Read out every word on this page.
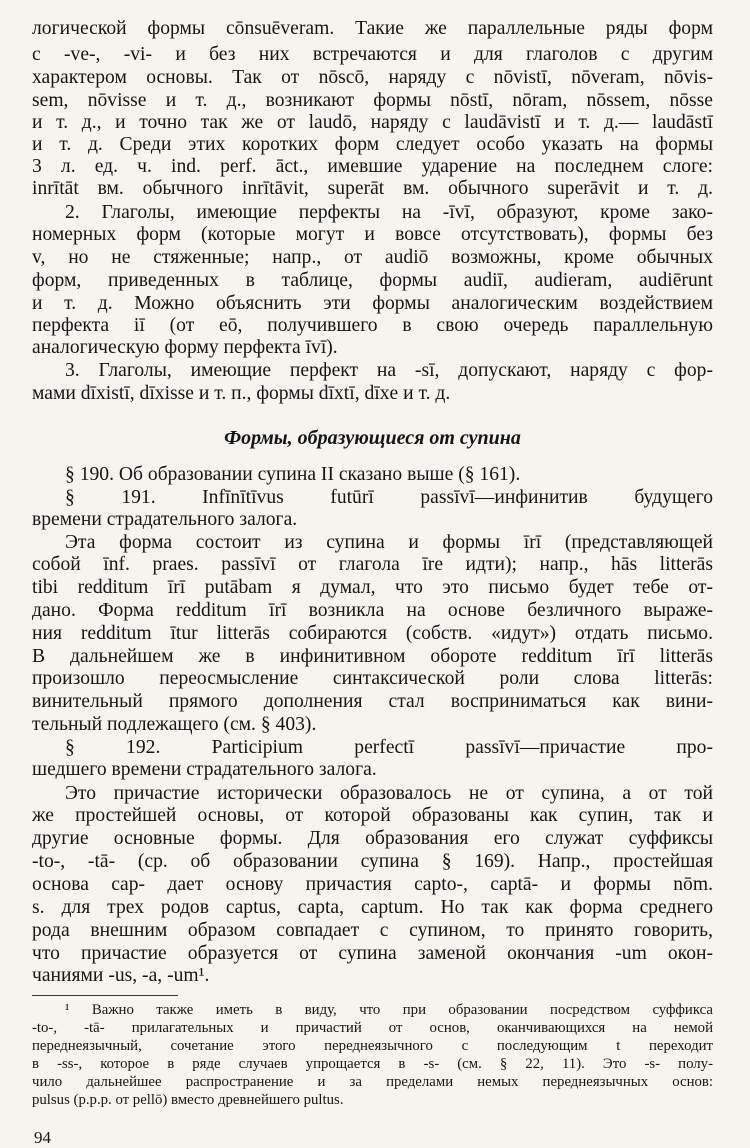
логической формы cōnsuēveram. Такие же параллельные ряды форм
с -ve-, -vi- и без них встречаются и для глаголов с другим
характером основы. Так от nōscō, наряду с nōvistī, nōveram, nōvis-
sem, nōvisse и т. д., возникают формы nōstī, nōram, nōssem, nōsse
и т. д., и точно так же от laudō, наряду с laudāvistī и т. д.— laudāstī
и т. д. Среди этих коротких форм следует особо указать на формы
3 л. ед. ч. ind. perf. āct., имевшие ударение на последнем слоге:
inrītāt вм. обычного inrītāvit, superāt вм. обычного superāvit и т. д.
2. Глаголы, имеющие перфекты на -īvī, образуют, кроме зако-
номерных форм (которые могут и вовсе отсутствовать), формы без
v, но не стяженные; напр., от audiō возможны, кроме обычных
форм, приведенных в таблице, формы audiī, audieram, audiērunt
и т. д. Можно объяснить эти формы аналогическим воздействием
перфекта iī (от eō, получившего в свою очередь параллельную
аналогическую форму перфекта īvī).
3. Глаголы, имеющие перфект на -sī, допускают, наряду с фор-
мами dīxistī, dīxisse и т. п., формы dīxtī, dīxe и т. д.
Формы, образующиеся от супина
§ 190. Об образовании супина II сказано выше (§ 161).
§ 191. Infīnītīvus futūrī passīvī—инфинитив будущего
времени страдательного залога.
Эта форма состоит из супина и формы īrī (представляющей
собой īnf. praes. passīvī от глагола īre идти); напр., hās litterās
tibi redditum īrī putābam я думал, что это письмо будет тебе от-
дано. Форма redditum īrī возникла на основе безличного выраже-
ния redditum ītur litterās собираются (собств. «идут») отдать письмо.
В дальнейшем же в инфинитивном обороте redditum īrī litterās
произошло переосмысление синтаксической роли слова litterās:
винительный прямого дополнения стал восприниматься как вини-
тельный подлежащего (см. § 403).
§ 192. Participium perfectī passīvī—причастие про-
шедшего времени страдательного залога.
Это причастие исторически образовалось не от супина, а от той
же простейшей основы, от которой образованы как супин, так и
другие основные формы. Для образования его служат суффиксы
-to-, -tā- (ср. об образовании супина § 169). Напр., простейшая
основа cap- дает основу причастия capto-, captā- и формы nōm.
s. для трех родов captus, capta, captum. Но так как форма среднего
рода внешним образом совпадает с супином, то принято говорить,
что причастие образуется от супина заменой окончания -um окон-
чаниями -us, -a, -um¹.
¹ Важно также иметь в виду, что при образовании посредством суффикса
-to-, -tā- прилагательных и причастий от основ, оканчивающихся на немой
переднеязычный, сочетание этого переднеязычного с последующим t переходит
в -ss-, которое в ряде случаев упрощается в -s- (см. § 22, 11). Это -s- полу-
чило дальнейшее распространение и за пределами немых переднеязычных основ:
pulsus (p.p.p. от pellō) вместо древнейшего pultus.
94
